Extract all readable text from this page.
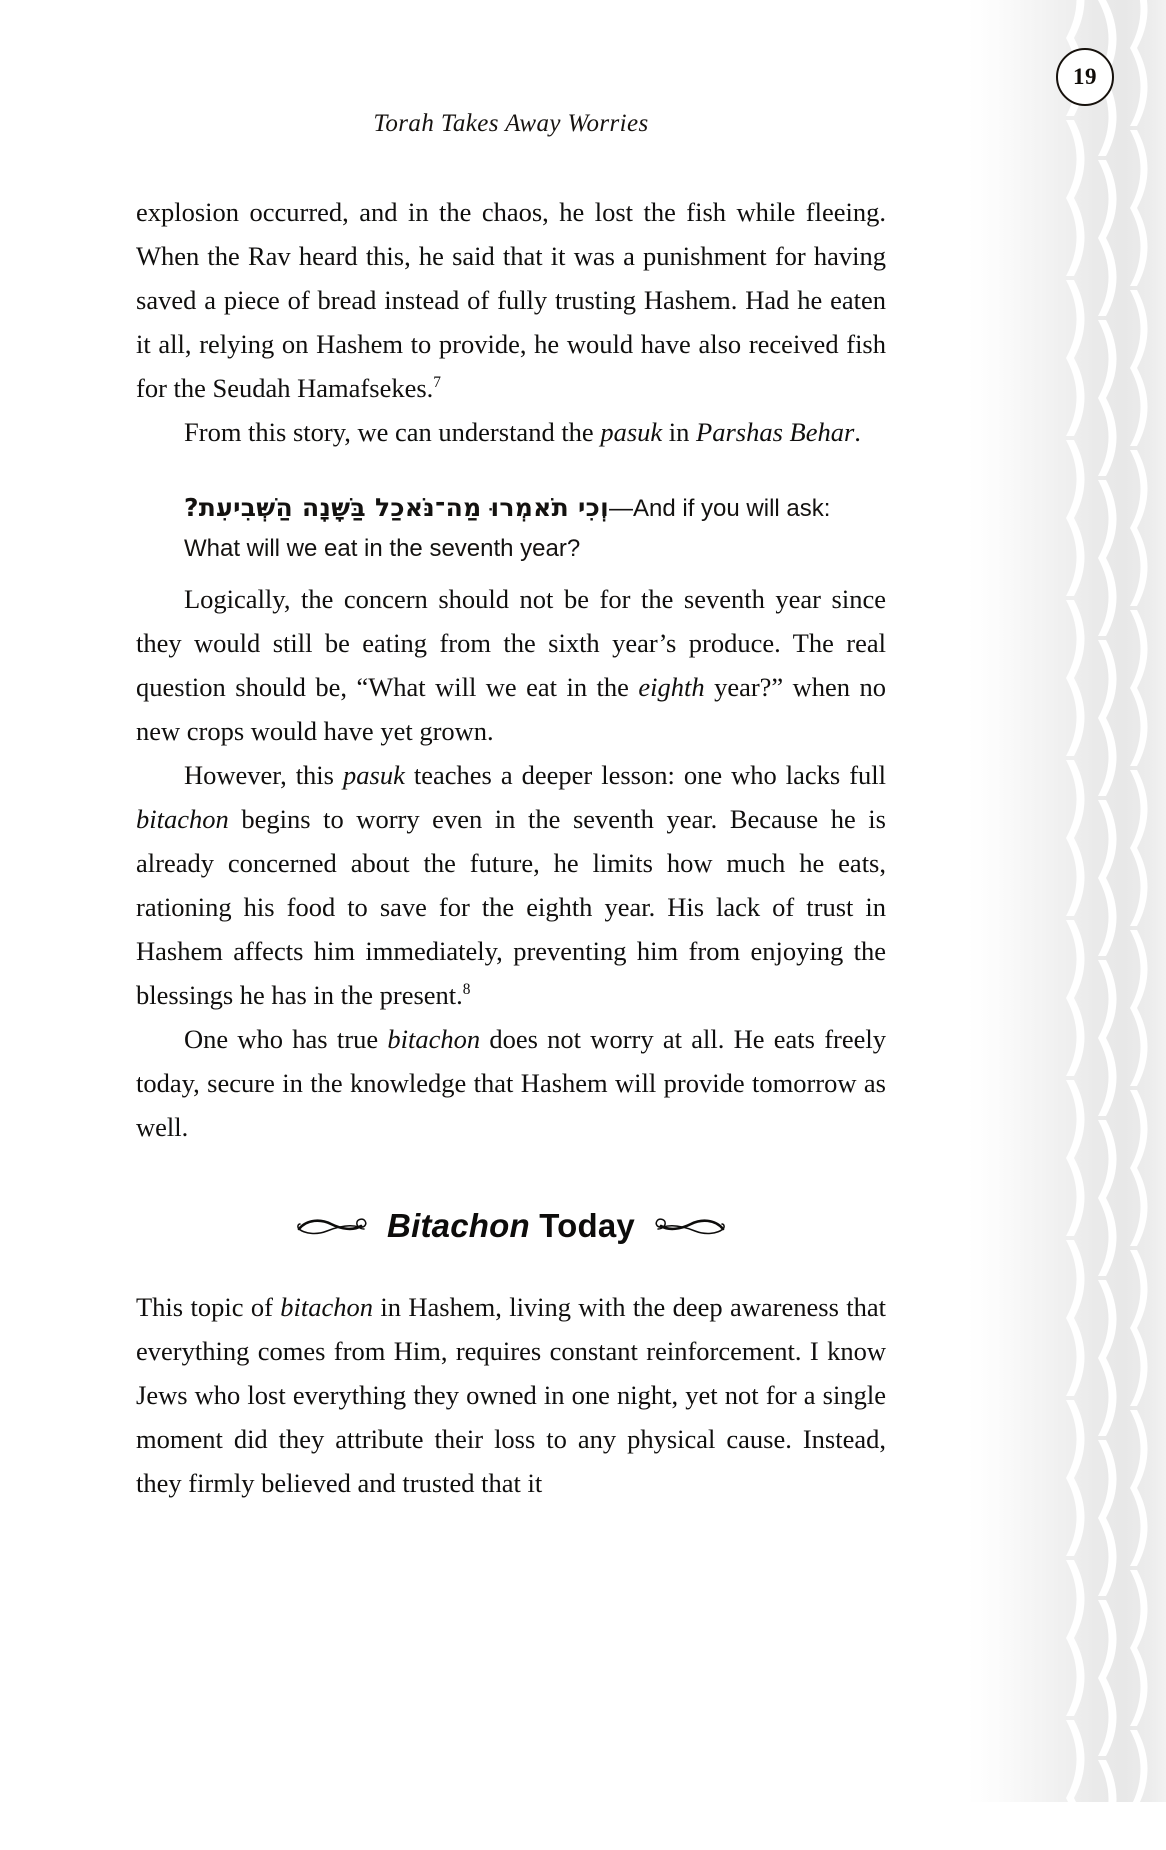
19
Torah Takes Away Worries

explosion occurred, and in the chaos, he lost the fish while fleeing. When the Rav heard this, he said that it was a punishment for having saved a piece of bread instead of fully trusting Hashem. Had he eaten it all, relying on Hashem to provide, he would have also received fish for the Seudah Hamafsekes.$^7$

From this story, we can understand the pasuk in Parshas Behar.

וְכִי תֹאמְרוּ מַה־נֹּאכַל בַּשָּׁנָה הַשְּׁבִיעִת?—And if you will ask:
What will we eat in the seventh year?

Logically, the concern should not be for the seventh year since they would still be eating from the sixth year’s produce. The real question should be, “What will we eat in the eighth year?” when no new crops would have yet grown.

However, this pasuk teaches a deeper lesson: one who lacks full bitachon begins to worry even in the seventh year. Because he is already concerned about the future, he limits how much he eats, rationing his food to save for the eighth year. His lack of trust in Hashem affects him immediately, preventing him from enjoying the blessings he has in the present.$^8$

One who has true bitachon does not worry at all. He eats freely today, secure in the knowledge that Hashem will provide tomorrow as well.

Bitachon Today

This topic of bitachon in Hashem, living with the deep awareness that everything comes from Him, requires constant reinforcement. I know Jews who lost everything they owned in one night, yet not for a single moment did they attribute their loss to any physical cause. Instead, they firmly believed and trusted that it
